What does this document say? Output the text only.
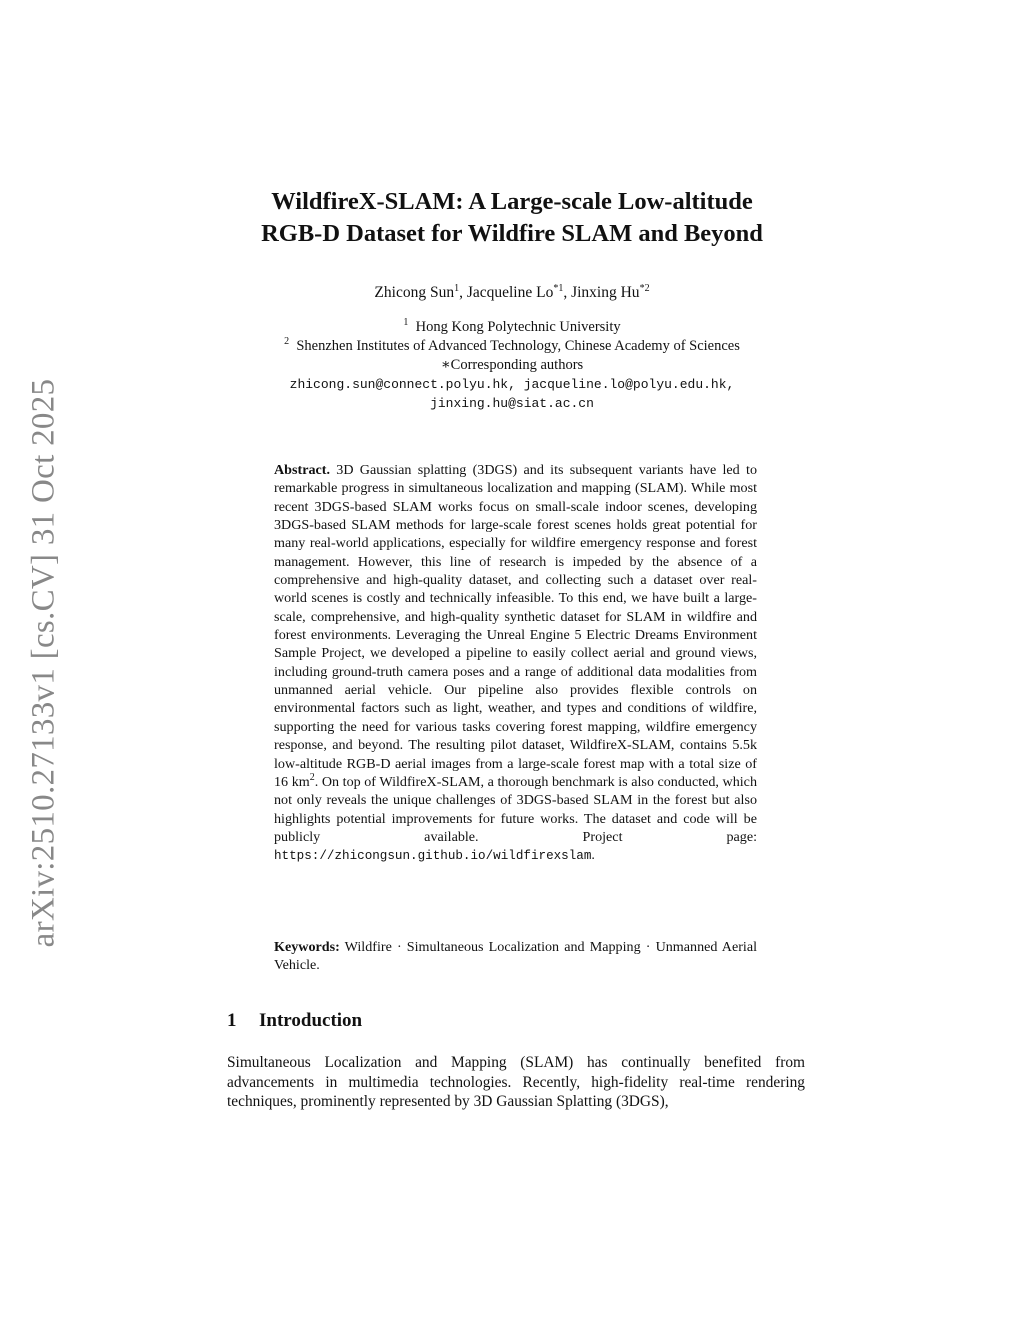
arXiv:2510.27133v1 [cs.CV] 31 Oct 2025
WildfireX-SLAM: A Large-scale Low-altitude
RGB-D Dataset for Wildfire SLAM and Beyond
Zhicong Sun$^1$, Jacqueline Lo$^{*1}$, Jinxing Hu$^{*2}$
$^1$ Hong Kong Polytechnic University
$^2$ Shenzhen Institutes of Advanced Technology, Chinese Academy of Sciences
∗Corresponding authors
zhicong.sun@connect.polyu.hk, jacqueline.lo@polyu.edu.hk,
jinxing.hu@siat.ac.cn
Abstract. 3D Gaussian splatting (3DGS) and its subsequent variants have led to remarkable progress in simultaneous localization and mapping (SLAM). While most recent 3DGS-based SLAM works focus on small-scale indoor scenes, developing 3DGS-based SLAM methods for large-scale forest scenes holds great potential for many real-world applications, especially for wildfire emergency response and forest management. However, this line of research is impeded by the absence of a comprehensive and high-quality dataset, and collecting such a dataset over real-world scenes is costly and technically infeasible. To this end, we have built a large-scale, comprehensive, and high-quality synthetic dataset for SLAM in wildfire and forest environments. Leveraging the Unreal Engine 5 Electric Dreams Environment Sample Project, we developed a pipeline to easily collect aerial and ground views, including ground-truth camera poses and a range of additional data modalities from unmanned aerial vehicle. Our pipeline also provides flexible controls on environmental factors such as light, weather, and types and conditions of wildfire, supporting the need for various tasks covering forest mapping, wildfire emergency response, and beyond. The resulting pilot dataset, WildfireX-SLAM, contains 5.5k low-altitude RGB-D aerial images from a large-scale forest map with a total size of 16 $km^2$. On top of WildfireX-SLAM, a thorough benchmark is also conducted, which not only reveals the unique challenges of 3DGS-based SLAM in the forest but also highlights potential improvements for future works. The dataset and code will be publicly available. Project page: https://zhicongsun.github.io/wildfirexslam.
Keywords: Wildfire · Simultaneous Localization and Mapping · Unmanned Aerial Vehicle.
1 Introduction
Simultaneous Localization and Mapping (SLAM) has continually benefited from advancements in multimedia technologies. Recently, high-fidelity real-time rendering techniques, prominently represented by 3D Gaussian Splatting (3DGS),
